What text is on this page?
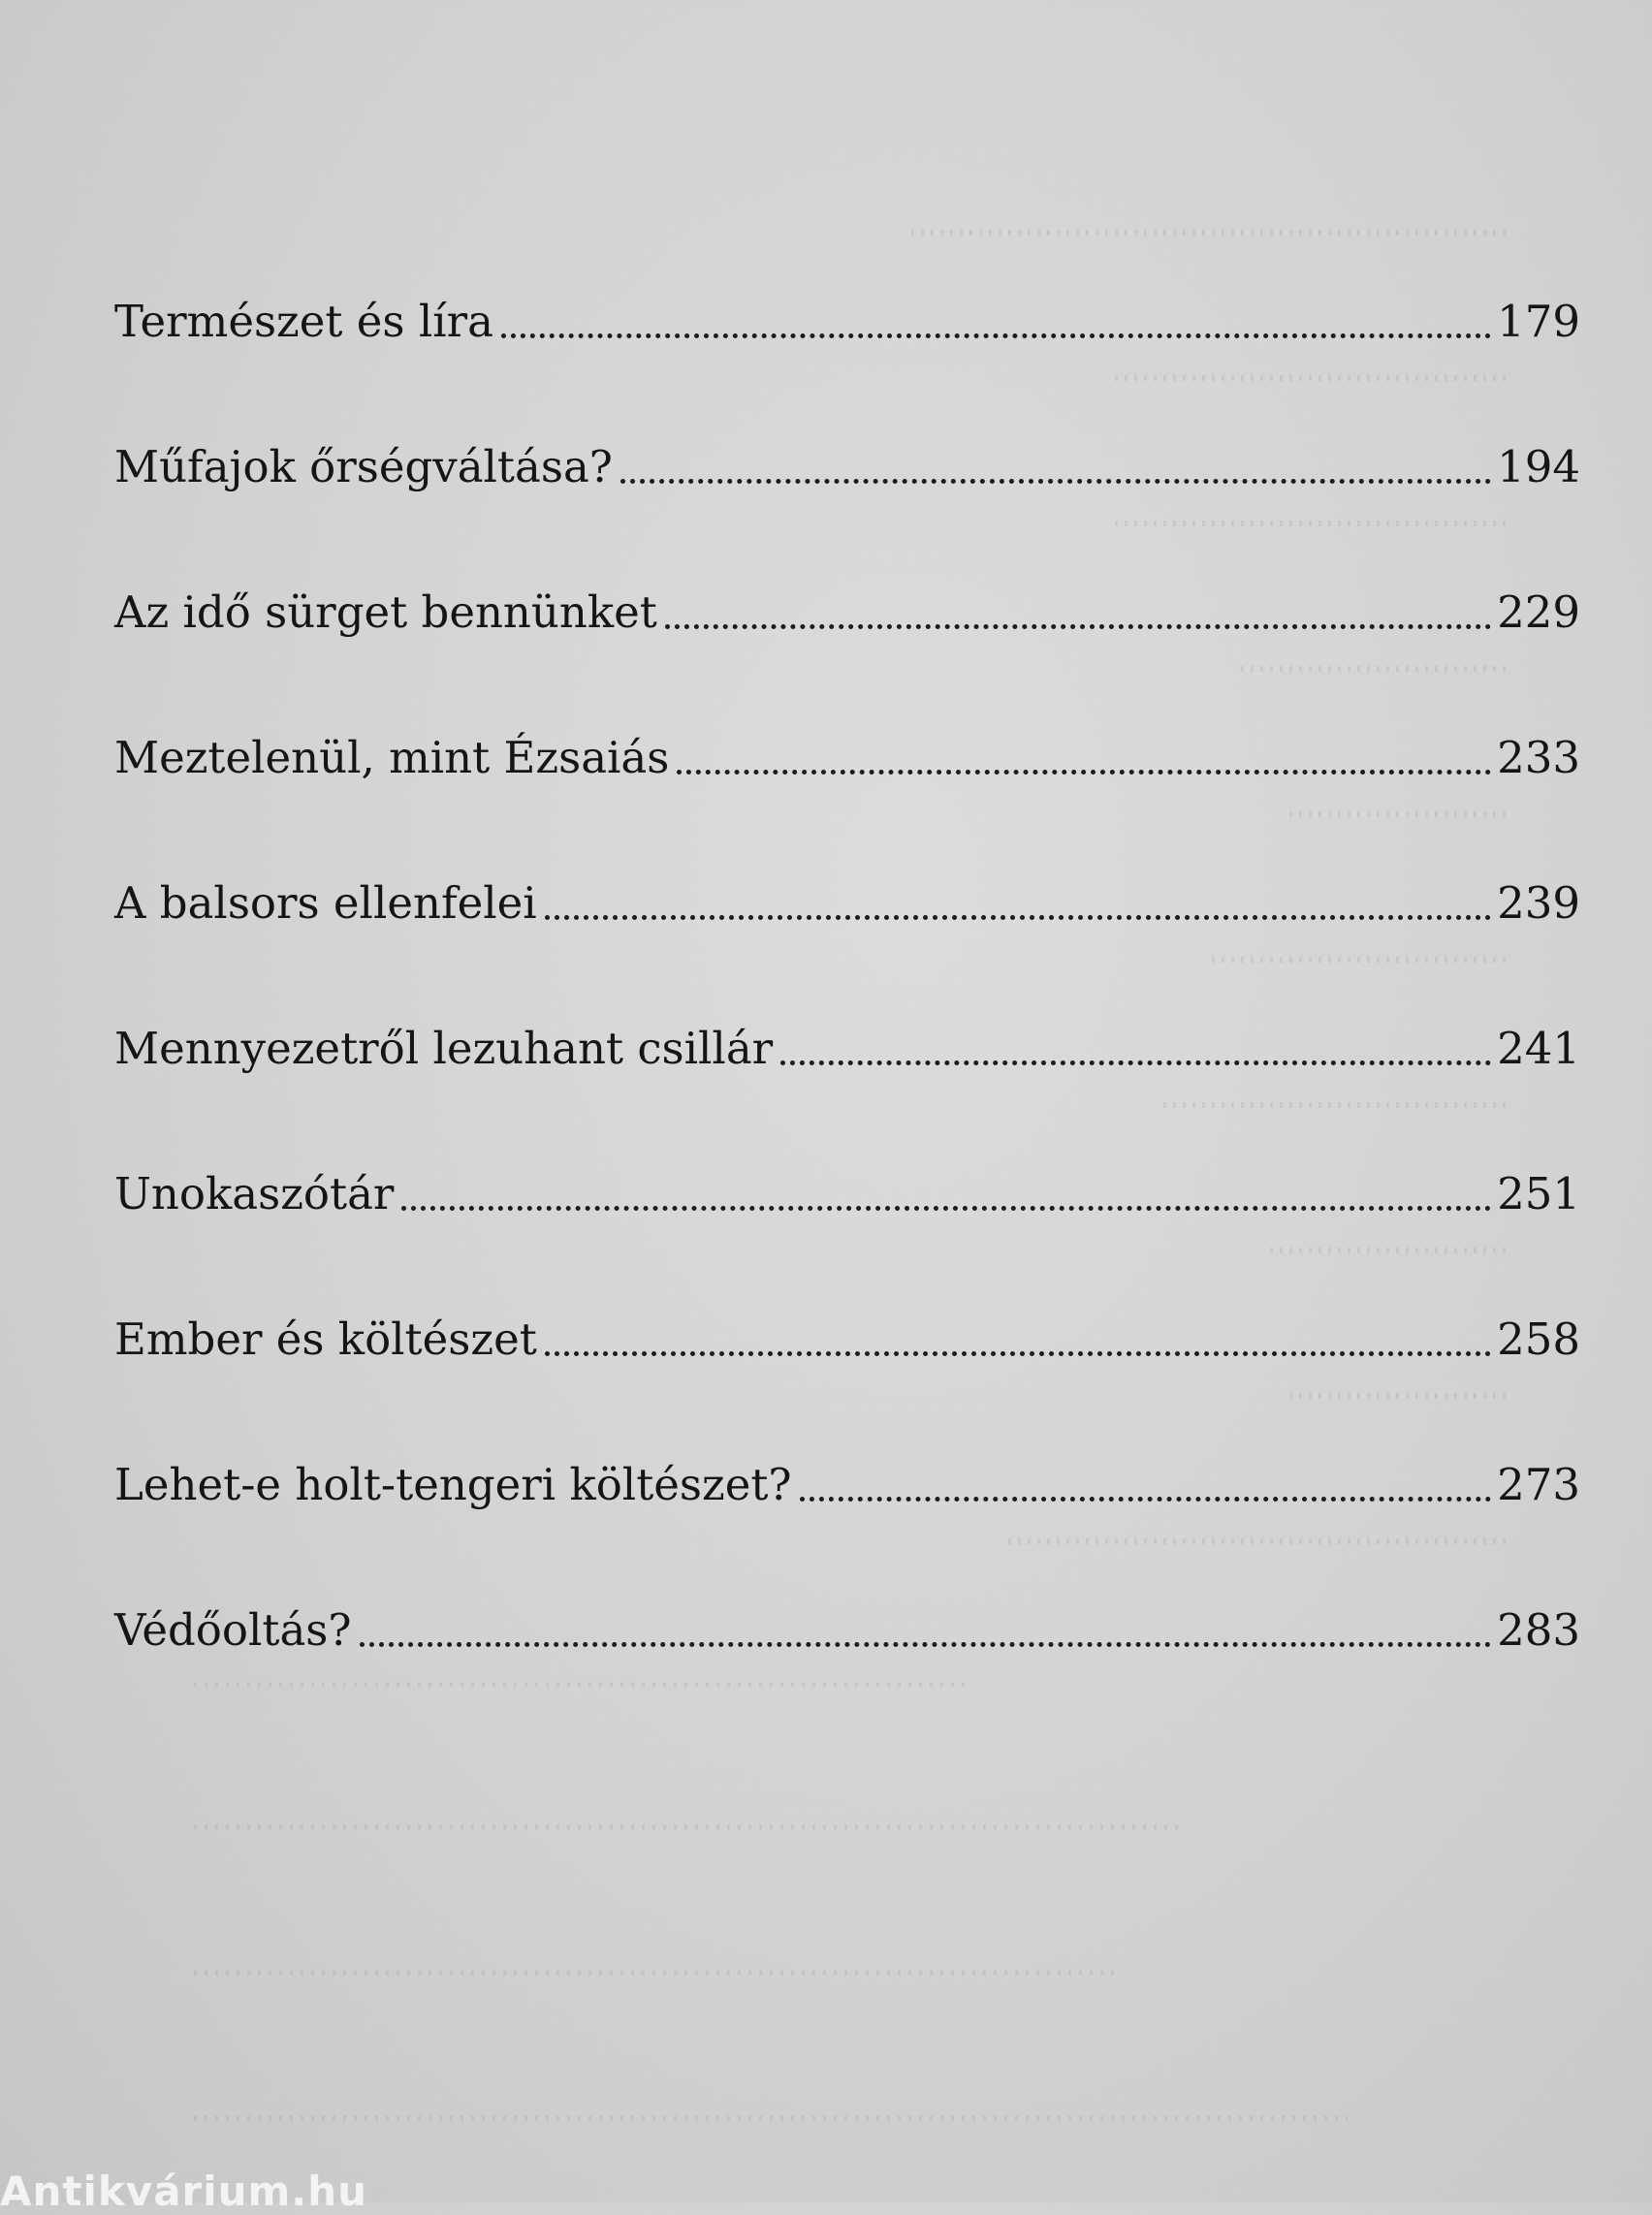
Természet és líra	179
Műfajok őrségváltása?	194
Az idő sürget bennünket	229
Meztelenül, mint Ézsaiás	233
A balsors ellenfelei	239
Mennyezetről lezuhant csillár	241
Unokaszótár	251
Ember és költészet	258
Lehet-e holt-tengeri költészet?	273
Védőoltás?	283
Antikvárium.hu
